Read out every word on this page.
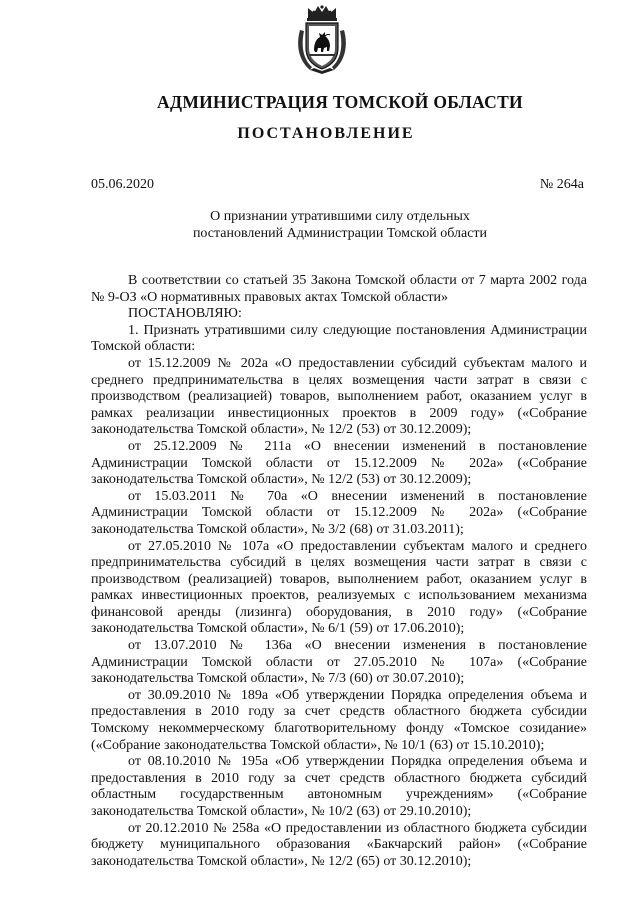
АДМИНИСТРАЦИЯ ТОМСКОЙ ОБЛАСТИ
ПОСТАНОВЛЕНИЕ
05.06.2020	№ 264а
О признании утратившими силу отдельных
постановлений Администрации Томской области

В соответствии со статьей 35 Закона Томской области от 7 марта 2002 года № 9-ОЗ «О нормативных правовых актах Томской области»

ПОСТАНОВЛЯЮ:

1. Признать утратившими силу следующие постановления Администрации Томской области:

от 15.12.2009 № 202а «О предоставлении субсидий субъектам малого и среднего предпринимательства в целях возмещения части затрат в связи с производством (реализацией) товаров, выполнением работ, оказанием услуг в рамках реализации инвестиционных проектов в 2009 году» («Собрание законодательства Томской области», № 12/2 (53) от 30.12.2009);

от 25.12.2009 № 211а «О внесении изменений в постановление Администрации Томской области от 15.12.2009 № 202а» («Собрание законодательства Томской области», № 12/2 (53) от 30.12.2009);

от 15.03.2011 № 70а «О внесении изменений в постановление Администрации Томской области от 15.12.2009 № 202а» («Собрание законодательства Томской области», № 3/2 (68) от 31.03.2011);

от 27.05.2010 № 107а «О предоставлении субъектам малого и среднего предпринимательства субсидий в целях возмещения части затрат в связи с производством (реализацией) товаров, выполнением работ, оказанием услуг в рамках инвестиционных проектов, реализуемых с использованием механизма финансовой аренды (лизинга) оборудования, в 2010 году» («Собрание законодательства Томской области», № 6/1 (59) от 17.06.2010);

от 13.07.2010 № 136а «О внесении изменения в постановление Администрации Томской области от 27.05.2010 № 107а» («Собрание законодательства Томской области», № 7/3 (60) от 30.07.2010);

от 30.09.2010 № 189а «Об утверждении Порядка определения объема и предоставления в 2010 году за счет средств областного бюджета субсидии Томскому некоммерческому благотворительному фонду «Томское созидание» («Собрание законодательства Томской области», № 10/1 (63) от 15.10.2010);

от 08.10.2010 № 195а «Об утверждении Порядка определения объема и предоставления в 2010 году за счет средств областного бюджета субсидий областным государственным автономным учреждениям» («Собрание законодательства Томской области», № 10/2 (63) от 29.10.2010);

от 20.12.2010 № 258а «О предоставлении из областного бюджета субсидии бюджету муниципального образования «Бакчарский район» («Собрание законодательства Томской области», № 12/2 (65) от 30.12.2010);
